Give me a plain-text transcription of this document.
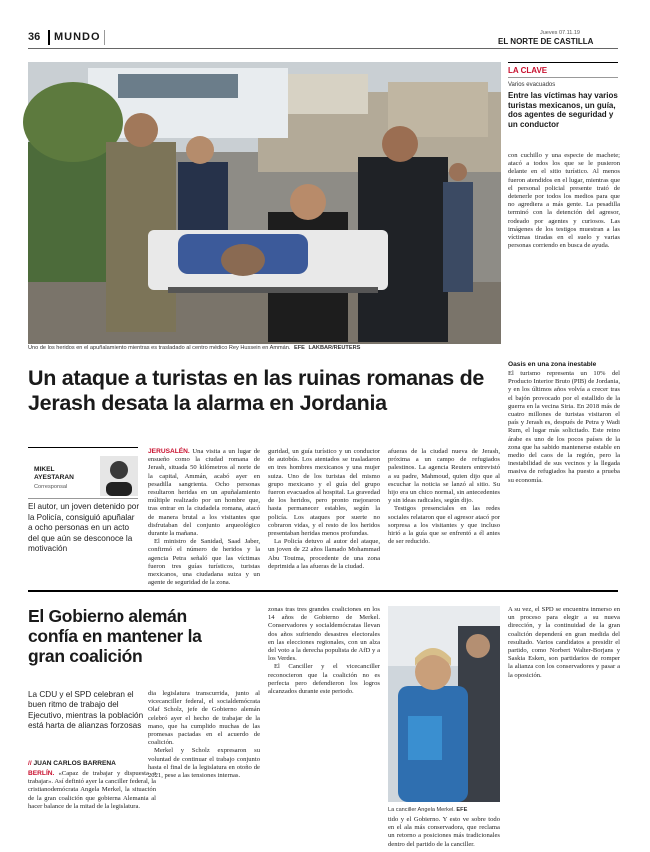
36 MUNDO	Jueves 07.11.19
EL NORTE DE CASTILLA
Uno de los heridos en el apuñalamiento mientras es trasladado al centro médico Rey Hussein en Ammán. EFE LAKBAR/REUTERS
LA CLAVE
Varios evacuados
Entre las víctimas hay varios turistas mexicanos, un guía, dos agentes de seguridad y un conductor
con cuchillo y una especie de machete; atacó a todos los que se le pusieron delante en el sitio turístico. Al menos fueron atendidos en el lugar, mientras que el personal policial presente trató de detenerle por todos los medios para que no agrediera a más gente. La pesadilla terminó con la detención del agresor, rodeado por agentes y curiosos. Las imágenes de los testigos muestran a las víctimas tiradas en el suelo y varias personas corriendo en busca de ayuda.
Oasis en una zona inestable
El turismo representa un 10% del Producto Interior Bruto (PIB) de Jordania, y en los últimos años volvía a crecer tras el bajón provocado por el estallido de la guerra en la vecina Siria. En 2018 más de cuatro millones de turistas visitaron el país y Jerash es, después de Petra y Wadi Rum, el lugar más solicitado. Este reino árabe es uno de los pocos países de la zona que ha sabido mantenerse estable en medio del caos de la región, pero la inestabilidad de sus vecinos y la llegada masiva de refugiados ha puesto a prueba su economía.
Un ataque a turistas en las ruinas romanas de Jerash desata la alarma en Jordania
MIKEL AYESTARAN
Corresponsal
El autor, un joven detenido por la Policía, consiguió apuñalar a ocho personas en un acto del que aún se desconoce la motivación
JERUSALÉN. Una visita a un lugar de ensueño como la ciudad romana de Jerash, situada 50 kilómetros al norte de la capital, Ammán, acabó ayer en pesadilla sangrienta. Ocho personas resultaron heridas en un apuñalamiento múltiple realizado por un hombre que, tras entrar en la ciudadela romana, atacó de manera brutal a los visitantes que disfrutaban del conjunto arqueológico durante la mañana.

El ministro de Sanidad, Saad Jaber, confirmó el número de heridos y la agencia Petra señaló que las víctimas fueron tres guías turísticos, turistas mexicanos, una ciudadana suiza y un agente de seguridad de la zona.

guridad, un guía turístico y un conductor de autobús. Los atentados se trasladaron en tres hombres mexicanos y una mujer suiza. Uno de los turistas del mismo grupo mexicano y el guía del grupo fueron evacuados al hospital. La gravedad de los heridos, pero pronto mejoraron hasta permanecer estables, según la policía. Los ataques por suerte no cobraron vidas, y el resto de los heridos presentaban heridas menos profundas.

La Policía detuvo al autor del ataque, un joven de 22 años llamado Mohammad Abu Touima, procedente de una zona deprimida a las afueras de la ciudad.

afueras de la ciudad nueva de Jerash, próxima a un campo de refugiados palestinos. La agencia Reuters entrevistó a su padre, Mahmoud, quien dijo que al escuchar la noticia se lanzó al sitio. Su hijo era un chico normal, sin antecedentes y sin ideas radicales, según dijo.

Testigos presenciales en las redes sociales relataron que el agresor atacó por sorpresa a los visitantes y que incluso hirió a la guía que se enfrentó a él antes de ser reducido.

El Gobierno alemán confía en mantener la gran coalición
La CDU y el SPD celebran el buen ritmo de trabajo del Ejecutivo, mientras la población está harta de alianzas forzosas
// JUAN CARLOS BARRENA
BERLÍN. «Capaz de trabajar y dispuesta a trabajar». Así definió ayer la canciller federal, la cristianodemócrata Angela Merkel, la situación de la gran coalición que gobierna Alemania al hacer balance de la mitad de la legislatura.
dia legislatura transcurrida, junto al vicecanciller federal, el socialdemócrata Olaf Scholz, jefe de Gobierno alemán celebró ayer el hecho de trabajar de la mano, que ha cumplido muchas de las promesas pactadas en el acuerdo de coalición.

Merkel y Scholz expresaron su voluntad de continuar el trabajo conjunto hasta el final de la legislatura en otoño de 2021, pese a las tensiones internas.

zonas tras tres grandes coaliciones en los 14 años de Gobierno de Merkel. Conservadores y socialdemócratas llevan dos años sufriendo desastres electorales en las elecciones regionales, con un alza del voto a la derecha populista de AfD y a los Verdes.

El Canciller y el vicecanciller reconocieron que la coalición no es perfecta pero defendieron los logros alcanzados durante este periodo.

La canciller Angela Merkel. EFE
tido y el Gobierno. Y esto ve sobre todo en el ala más conservadora, que reclama un retorno a posiciones más tradicionales dentro del partido de la canciller.
A su vez, el SPD se encuentra inmerso en un proceso para elegir a su nueva dirección, y la continuidad de la gran coalición dependerá en gran medida del resultado. Varios candidatos a presidir el partido, como Norbert Walter-Borjans y Saskia Esken, son partidarios de romper la alianza con los conservadores y pasar a la oposición.
